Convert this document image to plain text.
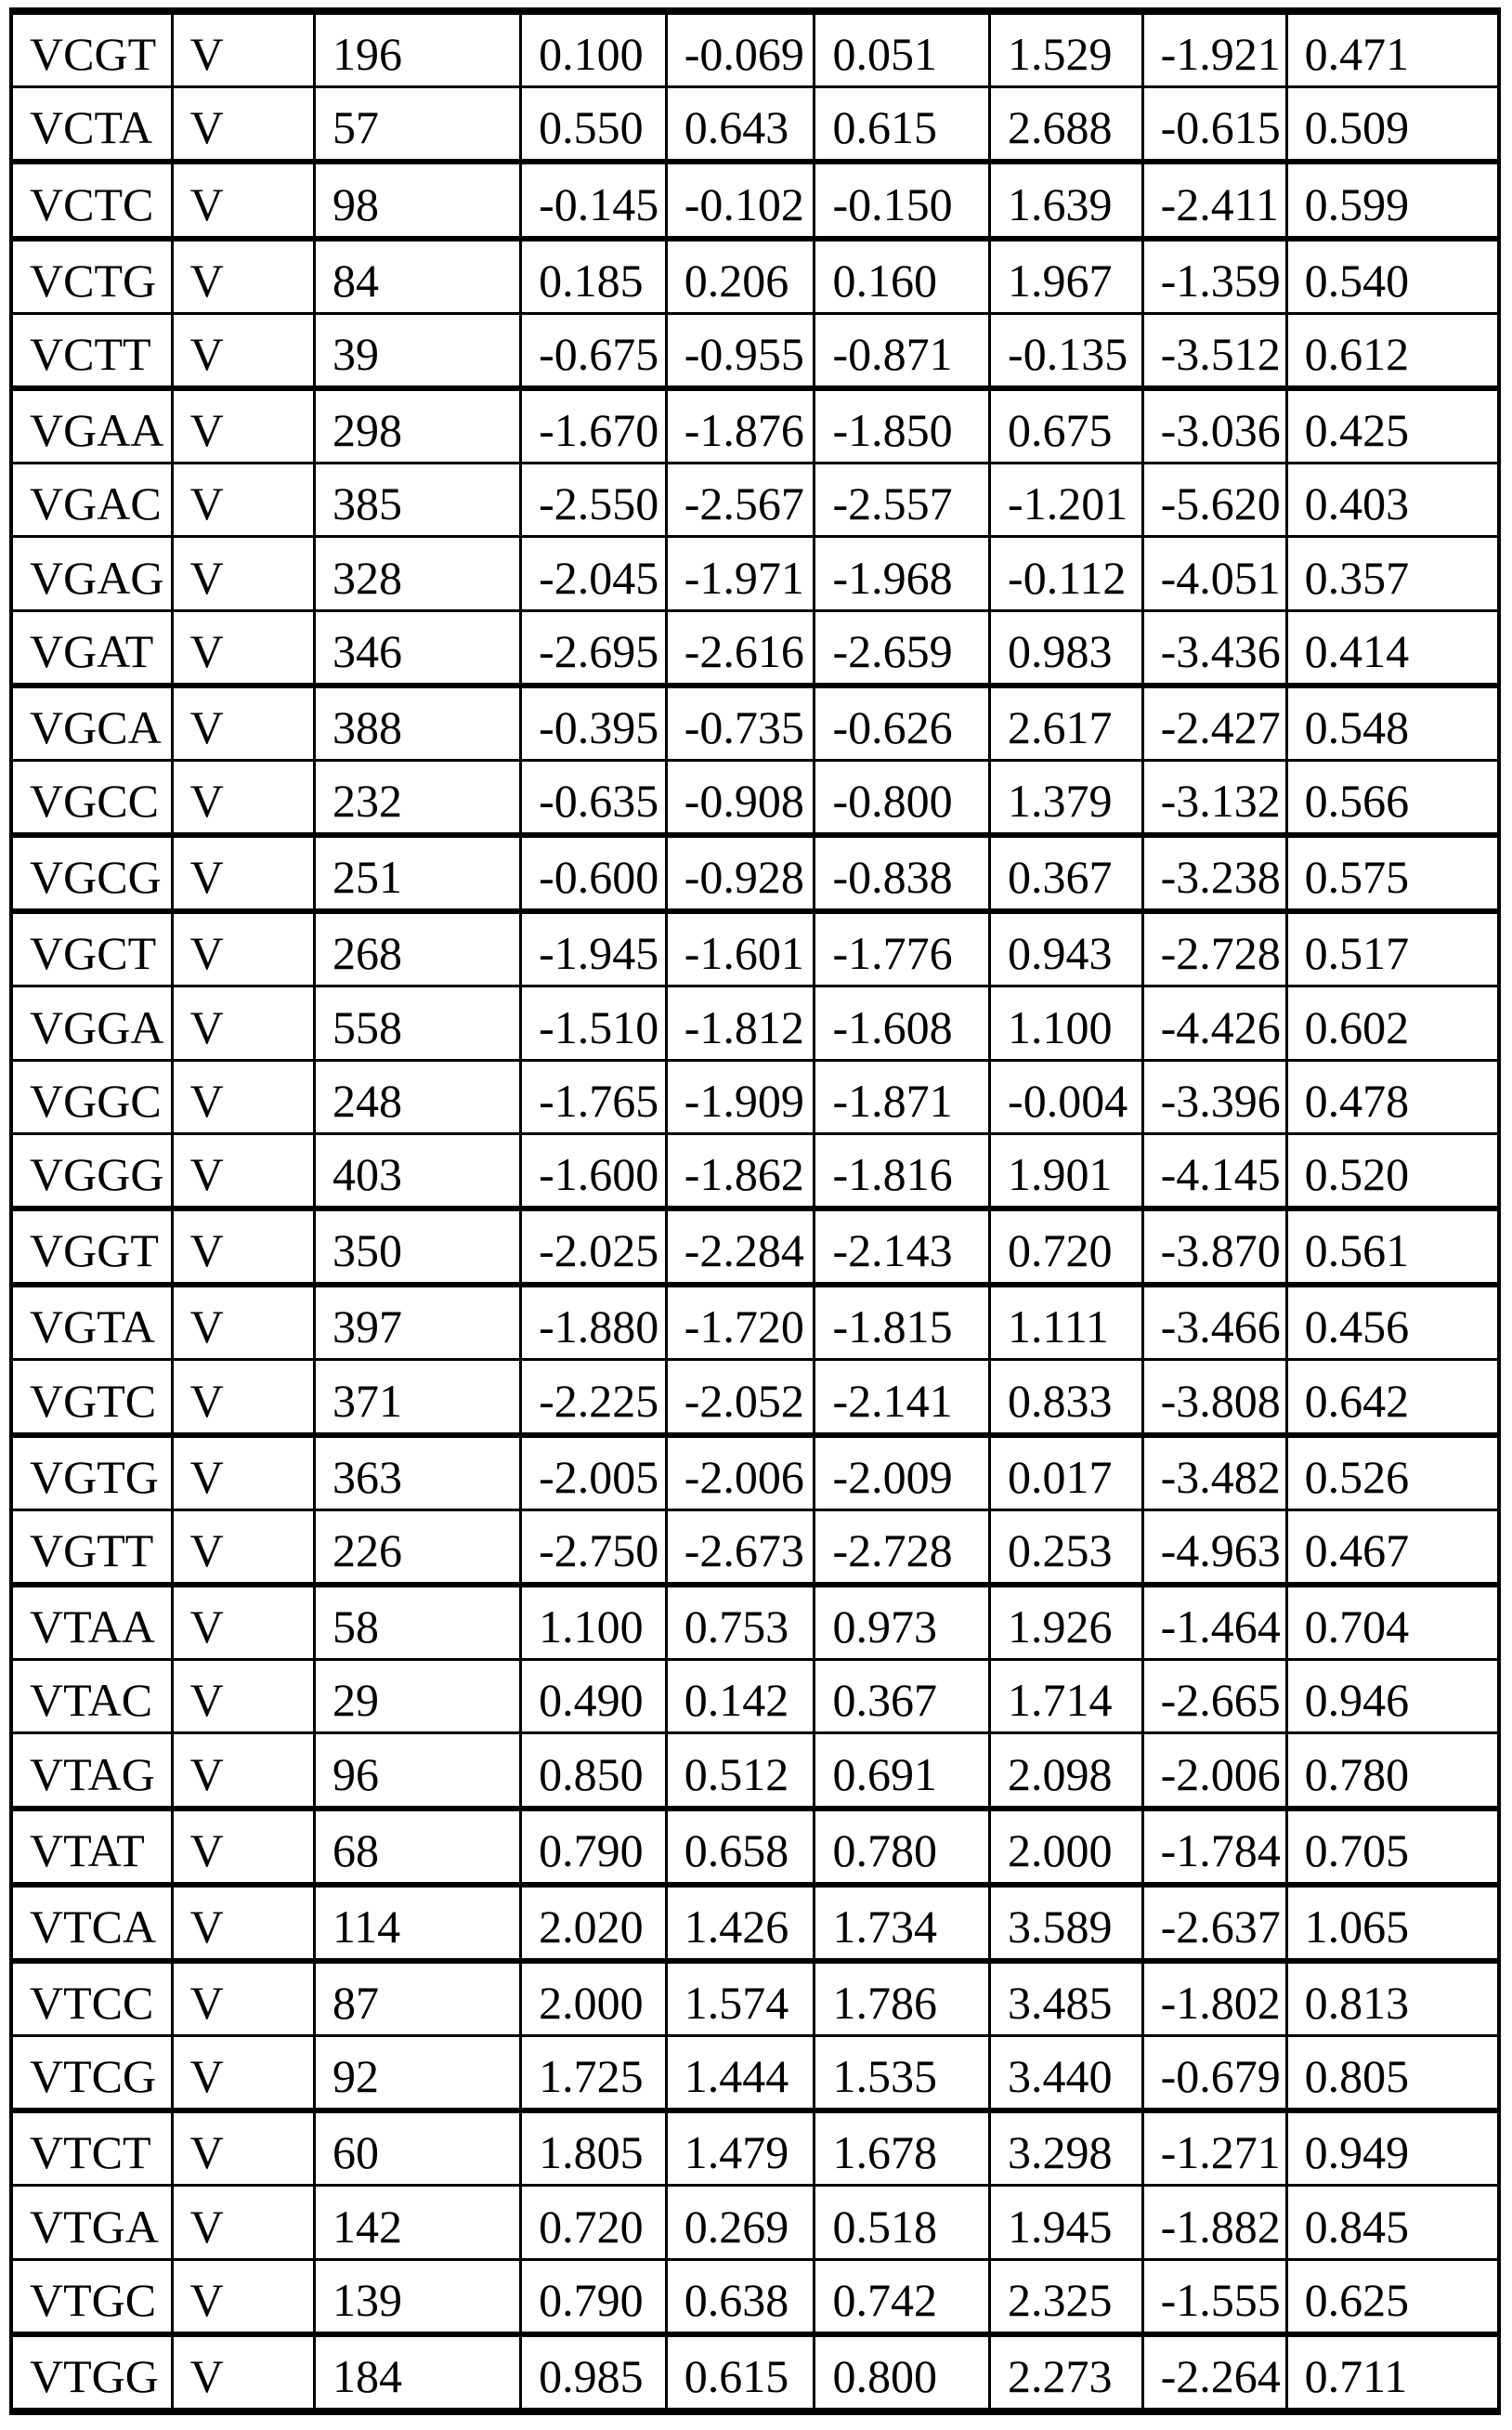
VCGT V	196	0.100 -0.069 0.051	1.529	-1.921 0.471
VCTA V	57	0.550 0.643 0.615	2.688	-0.615 0.509
VCTC V	98	-0.145 -0.102 -0.150	1.639	-2.411 0.599
VCTG V	84	0.185 0.206 0.160	1.967	-1.359 0.540
VCTT V	39	-0.675 -0.955 -0.871	-0.135 -3.512 0.612
VGAA V	298	-1.670 -1.876 -1.850	0.675	-3.036 0.425
VGAC V	385	-2.550 -2.567 -2.557	-1.201 -5.620 0.403
VGAG V	328	-2.045 -1.971 -1.968	-0.112 -4.051 0.357
VGAT V	346	-2.695 -2.616 -2.659	0.983	-3.436 0.414
VGCA V	388	-0.395 -0.735 -0.626	2.617	-2.427 0.548
VGCC V	232	-0.635 -0.908 -0.800	1.379	-3.132 0.566
VGCG V	251	-0.600 -0.928 -0.838	0.367	-3.238 0.575
VGCT V	268	-1.945 -1.601 -1.776	0.943	-2.728 0.517
VGGA V	558	-1.510 -1.812 -1.608	1.100	-4.426 0.602
VGGC V	248	-1.765 -1.909 -1.871	-0.004 -3.396 0.478
VGGG V	403	-1.600 -1.862 -1.816	1.901	-4.145 0.520
VGGT V	350	-2.025 -2.284 -2.143	0.720	-3.870 0.561
VGTA V	397	-1.880 -1.720 -1.815	1.111	-3.466 0.456
VGTC V	371	-2.225 -2.052 -2.141	0.833	-3.808 0.642
VGTG V	363	-2.005 -2.006 -2.009	0.017	-3.482 0.526
VGTT V	226	-2.750 -2.673 -2.728	0.253	-4.963 0.467
VTAA V	58	1.100 0.753 0.973	1.926	-1.464 0.704
VTAC V	29	0.490 0.142 0.367	1.714	-2.665 0.946
VTAG V	96	0.850 0.512 0.691	2.098	-2.006 0.780
VTAT V	68	0.790 0.658 0.780	2.000	-1.784 0.705
VTCA V	114	2.020 1.426 1.734	3.589	-2.637 1.065
VTCC V	87	2.000 1.574 1.786	3.485	-1.802 0.813
VTCG V	92	1.725 1.444 1.535	3.440	-0.679 0.805
VTCT V	60	1.805 1.479 1.678	3.298	-1.271 0.949
VTGA V	142	0.720 0.269 0.518	1.945	-1.882 0.845
VTGC V	139	0.790 0.638 0.742	2.325	-1.555 0.625
VTGG V	184	0.985 0.615 0.800	2.273	-2.264 0.711
